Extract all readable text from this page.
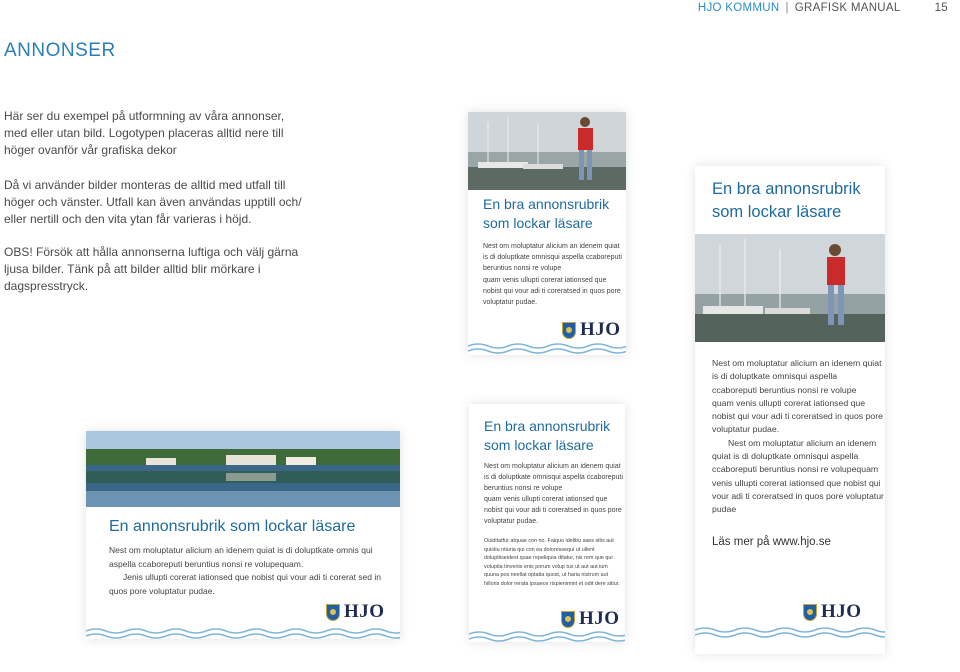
HJO KOMMUN | GRAFISK MANUAL	15
ANNONSER
Här ser du exempel på utformning av våra annonser, med eller utan bild. Logotypen placeras alltid nere till höger ovanför vår grafiska dekor
Då vi använder bilder monteras de alltid med utfall till höger och vänster. Utfall kan även användas upptill och/ eller nertill och den vita ytan får varieras i höjd.
OBS! Försök att hålla annonserna luftiga och välj gärna ljusa bilder. Tänk på att bilder alltid blir mörkare i dagspresstryck.
En bra annonsrubrik som lockar läsare
Nest om moluptatur alicium an idenem quiat is di doluptkate omnisqui aspella ccaboreputi beruntius nonsi re volupe
quam venis ullupti corerat iationsed que nobist qui vour adi ti coreratsed in quos pore voluptatur pudae.
HJO
En bra annonsrubrik som lockar läsare
HJO
Nest om moluptatur alicium an idenem quiat is di doluptkate omnisqui aspella ccaboreputi beruntius nonsi re volupe
quam venis ullupti corerat iationsed que nobist qui vour adi ti coreratsed in quos pore voluptatur pudae.
Nest om moluptatur alicium an idenem quiat is di doluptkate omnisqui aspella ccaboreputi beruntius nonsi re volupequam venis ullupti corerat iationsed que nobist qui vour adi ti coreratsed in quos pore voluptatur pudae
Läs mer på www.hjo.se
En bra annonsrubrik som lockar läsare
Nest om moluptatur alicium an idenem quiat is di doluptkate omnisqui aspella ccaboreputi beruntius nonsi re volupe
quam venis ullupti corerat iationsed que nobist qui vour adi ti coreratsed in quos pore voluptatur pudae.
Ouiditatfur atquae con no. Faiquo idelibu saes sitis aut quistiu ntiuria qui con ea doloressequi ut ullent doluptiiseidest quae repeliquia ditatur, nis rem que qui voluptia tinvenis enis porum volup tus ut aut aut ium quuna pos neellat optatia quost, ut haria nistrum aut hilloris dolor rerata ipsaece rispienimint et odit dere sitiur.
HJO
En annonsrubrik som lockar läsare
Nest om moluptatur alicium an idenem quiat is di doluptkate omnis qui aspella ccaboreputi beruntius nonsi re volupequam.
Jenis ullupti corerat iationsed que nobist qui vour adi ti corerat sed in quos pore voluptatur pudae.
HJO
